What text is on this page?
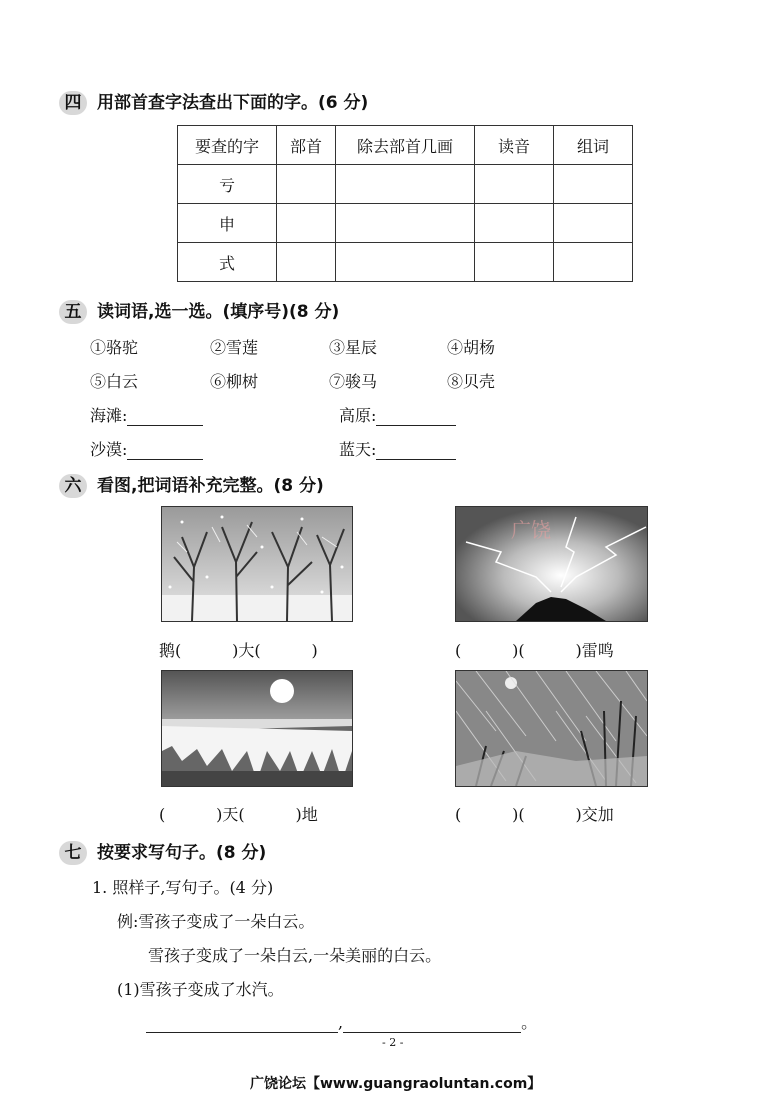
四 用部首查字法查出下面的字。(6 分)
要查的字	部首	除去部首几画	读音	组词
亏				
申				
式				
五 读词语,选一选。(填序号)(8 分)
①骆驼	②雪莲	③星辰	④胡杨
⑤白云	⑥柳树	⑦骏马	⑧贝壳
海滩:	高原:
沙漠:	蓝天:
六 看图,把词语补充完整。(8 分)
广饶
鹅(          )大(          )	(          )(          )雷鸣
(          )天(          )地	(          )(          )交加
七 按要求写句子。(8 分)
1. 照样子,写句子。(4 分)
例:雪孩子变成了一朵白云。
雪孩子变成了一朵白云,一朵美丽的白云。
(1)雪孩子变成了水汽。
,	。
- 2 -
广饶论坛【www.guangraoluntan.com】
